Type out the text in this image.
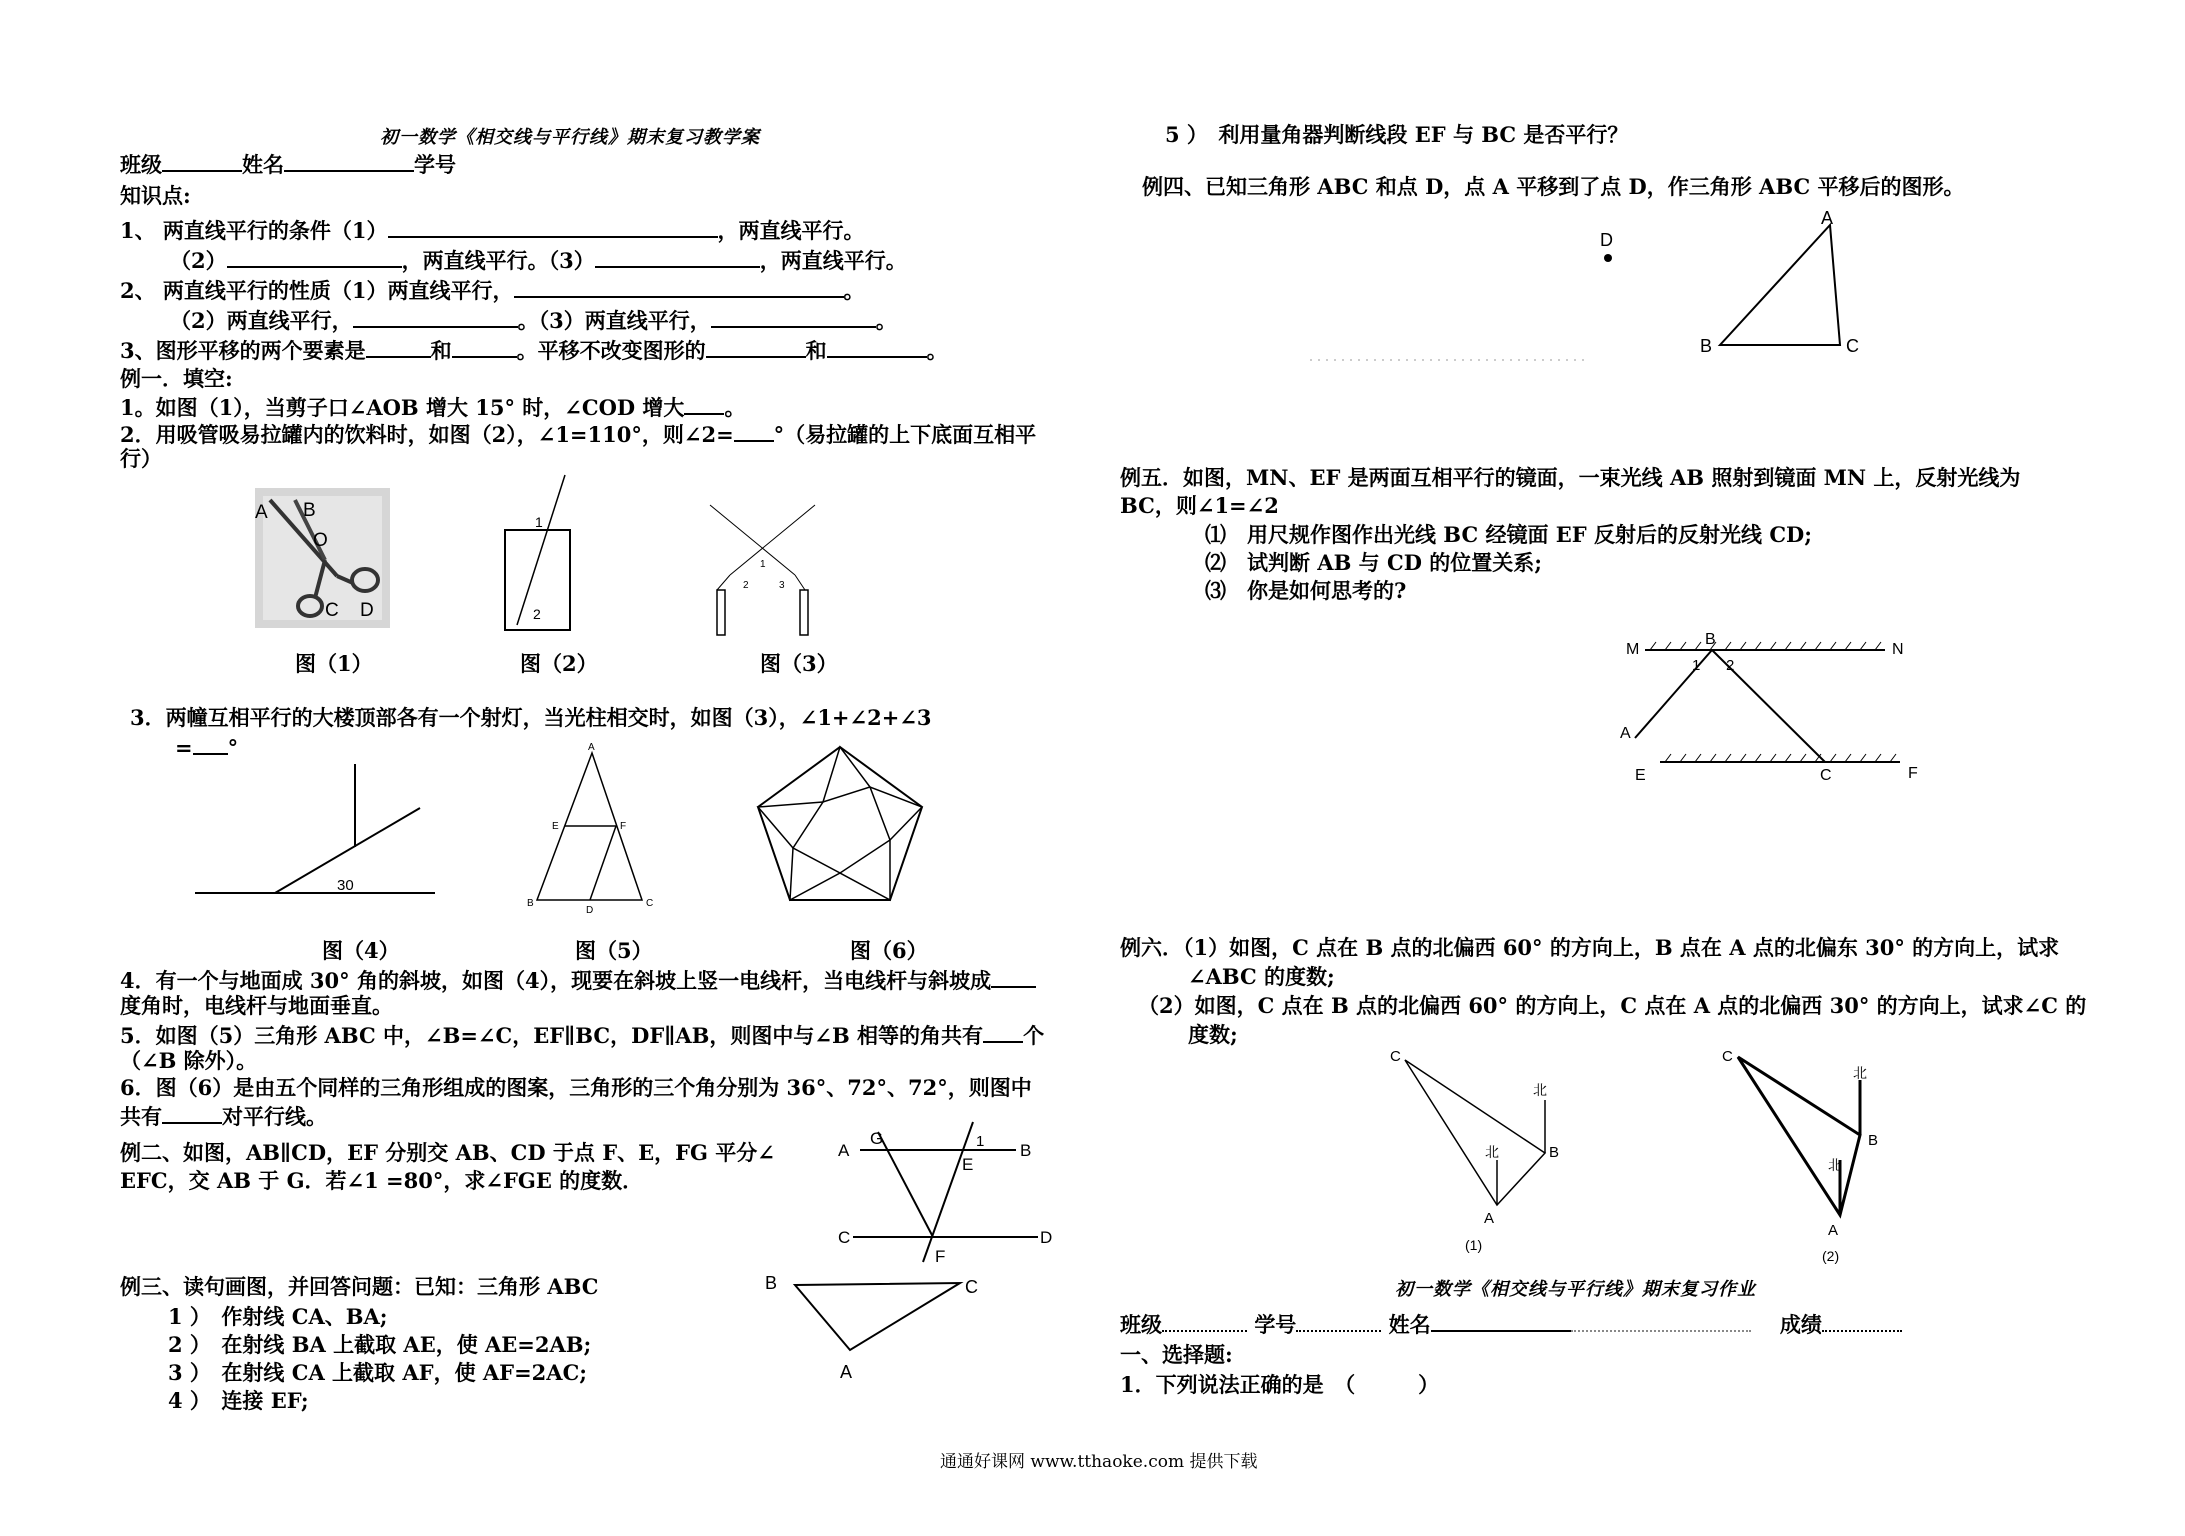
初一数学《相交线与平行线》期末复习教学案
班级	姓名	学号
知识点:
1、 两直线平行的条件（1）	，两直线平行。
（2）	，两直线平行。（3）	，两直线平行。
2、 两直线平行的性质（1）两直线平行，	。
（2）两直线平行，	。（3）两直线平行，	。
3、图形平移的两个要素是	和	。平移不改变图形的	和	。
例一．填空:
1。如图（1），当剪子口∠AOB 增大 15° 时，∠COD 增大 。
2．用吸管吸易拉罐内的饮料时，如图（2），∠1=110°，则∠2= °（易拉罐的上下底面互相平
行）
A B
O
C D
1
2
1
2	3
图（1）	图（2）	图（3）
3．两幢互相平行的大楼顶部各有一个射灯，当光柱相交时，如图（3），∠1+∠2+∠3
= °
30
A
E	F
B
D
C
图（4）	图（5）	图（6）
4．有一个与地面成 30° 角的斜坡，如图（4），现要在斜坡上竖一电线杆，当电线杆与斜坡成
度角时，电线杆与地面垂直。
5．如图（5）三角形 ABC 中，∠B=∠C，EF∥BC，DF∥AB，则图中与∠B 相等的角共有 个
（∠B 除外）。
6．图（6）是由五个同样的三角形组成的图案，三角形的三个角分别为 36°、72°、72°，则图中
共有	对平行线。
例二、如图，AB∥CD，EF 分别交 AB、CD 于点 F、E，FG 平分∠
EFC，交 AB 于 G．若∠1 =80°，求∠FGE 的度数．
G	1
A	B
E
C	D
F
例三、读句画图，并回答问题：已知：三角形 ABC
1 ）　作射线 CA、BA;
2 ）　在射线 BA 上截取 AE，使 AE=2AB;
3 ）　在射线 CA 上截取 AF，使 AF=2AC;
4 ）　连接 EF;
B	C
A
5 ）　利用量角器判断线段 EF 与 BC 是否平行？
例四、已知三角形 ABC 和点 D，点 A 平移到了点 D，作三角形 ABC 平移后的图形。
D
A
B	C
例五．如图，MN、EF 是两面互相平行的镜面，一束光线 AB 照射到镜面 MN 上，反射光线为
BC，则∠1=∠2
⑴　用尺规作图作出光线 BC 经镜面 EF 反射后的反射光线 CD;
⑵　试判断 AB 与 CD 的位置关系;
⑶　你是如何思考的?
M
B
N
1 2
A
E	C	F
例六．（1）如图，C 点在 B 点的北偏西 60° 的方向上，B 点在 A 点的北偏东 30° 的方向上，试求
∠ABC 的度数;
（2）如图，C 点在 B 点的北偏西 60° 的方向上，C 点在 A 点的北偏西 30° 的方向上，试求∠C 的
度数;
C
北
B
北
A
(1)
C
北
B
北
A
(2)
初一数学《相交线与平行线》期末复习作业
班级	学号	姓名	成绩
一、选择题:
1．下列说法正确的是　（　　　）
通通好课网 www.tthaoke.com 提供下载
